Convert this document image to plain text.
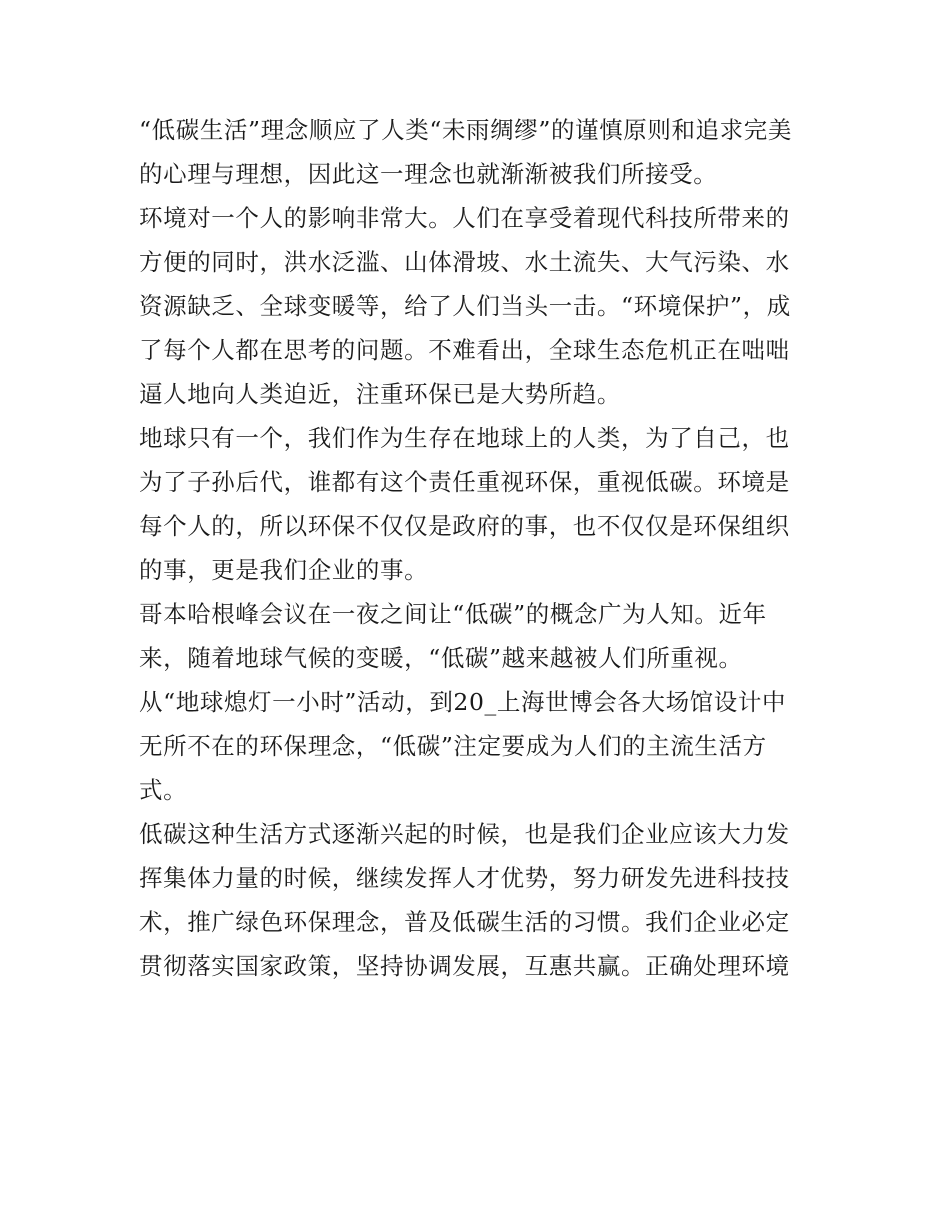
“低碳生活”理念顺应了人类“未雨绸缪”的谨慎原则和追求完美
的心理与理想，因此这一理念也就渐渐被我们所接受。

环境对一个人的影响非常大。人们在享受着现代科技所带来的
方便的同时，洪水泛滥、山体滑坡、水土流失、大气污染、水
资源缺乏、全球变暖等，给了人们当头一击。“环境保护”，成
了每个人都在思考的问题。不难看出，全球生态危机正在咄咄
逼人地向人类迫近，注重环保已是大势所趋。

地球只有一个，我们作为生存在地球上的人类，为了自己，也
为了子孙后代，谁都有这个责任重视环保，重视低碳。环境是
每个人的，所以环保不仅仅是政府的事，也不仅仅是环保组织
的事，更是我们企业的事。

哥本哈根峰会议在一夜之间让“低碳”的概念广为人知。近年
来，随着地球气候的变暖，“低碳”越来越被人们所重视。

从“地球熄灯一小时”活动，到20_上海世博会各大场馆设计中
无所不在的环保理念，“低碳”注定要成为人们的主流生活方
式。

低碳这种生活方式逐渐兴起的时候，也是我们企业应该大力发
挥集体力量的时候，继续发挥人才优势，努力研发先进科技技
术，推广绿色环保理念，普及低碳生活的习惯。我们企业必定
贯彻落实国家政策，坚持协调发展，互惠共赢。正确处理环境
